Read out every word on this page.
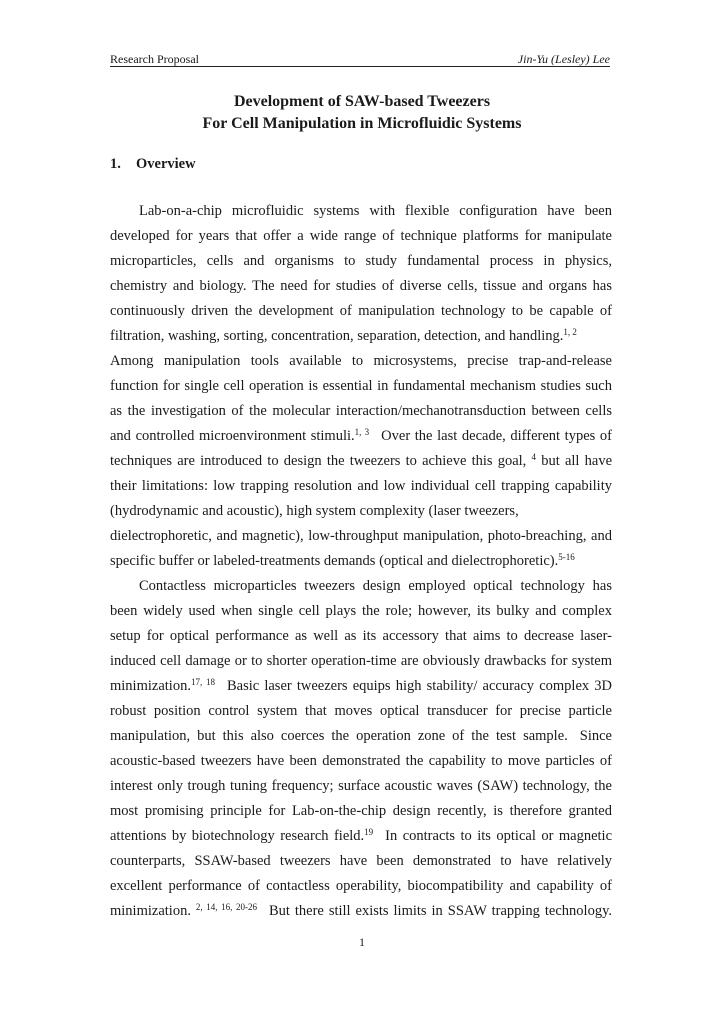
Research Proposal	Jin-Yu (Lesley) Lee
Development of SAW-based Tweezers
For Cell Manipulation in Microfluidic Systems
1. Overview
Lab-on-a-chip microfluidic systems with flexible configuration have been
developed for years that offer a wide range of technique platforms for manipulate
microparticles, cells and organisms to study fundamental process in physics,
chemistry and biology. The need for studies of diverse cells, tissue and organs has
continuously driven the development of manipulation technology to be capable of
filtration, washing, sorting, concentration, separation, detection, and handling.$^{1, 2}$
Among manipulation tools available to microsystems, precise trap-and-release
function for single cell operation is essential in fundamental mechanism studies such
as the investigation of the molecular interaction/mechanotransduction between cells
and controlled microenvironment stimuli.$^{1, 3}$ Over the last decade, different types of
techniques are introduced to design the tweezers to achieve this goal, $^4$ but all have
their limitations: low trapping resolution and low individual cell trapping capability
(hydrodynamic and acoustic), high system complexity (laser tweezers,
dielectrophoretic, and magnetic), low-throughput manipulation, photo-breaching, and
specific buffer or labeled-treatments demands (optical and dielectrophoretic).$^{5-16}$
Contactless microparticles tweezers design employed optical technology has
been widely used when single cell plays the role; however, its bulky and complex
setup for optical performance as well as its accessory that aims to decrease laser-
induced cell damage or to shorter operation-time are obviously drawbacks for system
minimization.$^{17, 18}$ Basic laser tweezers equips high stability/ accuracy complex 3D
robust position control system that moves optical transducer for precise particle
manipulation, but this also coerces the operation zone of the test sample. Since
acoustic-based tweezers have been demonstrated the capability to move particles of
interest only trough tuning frequency; surface acoustic waves (SAW) technology, the
most promising principle for Lab-on-the-chip design recently, is therefore granted
attentions by biotechnology research field.$^{19}$ In contracts to its optical or magnetic
counterparts, SSAW-based tweezers have been demonstrated to have relatively
excellent performance of contactless operability, biocompatibility and capability of
minimization. $^{2, 14, 16, 20-26}$ But there still exists limits in SSAW trapping technology.
1
